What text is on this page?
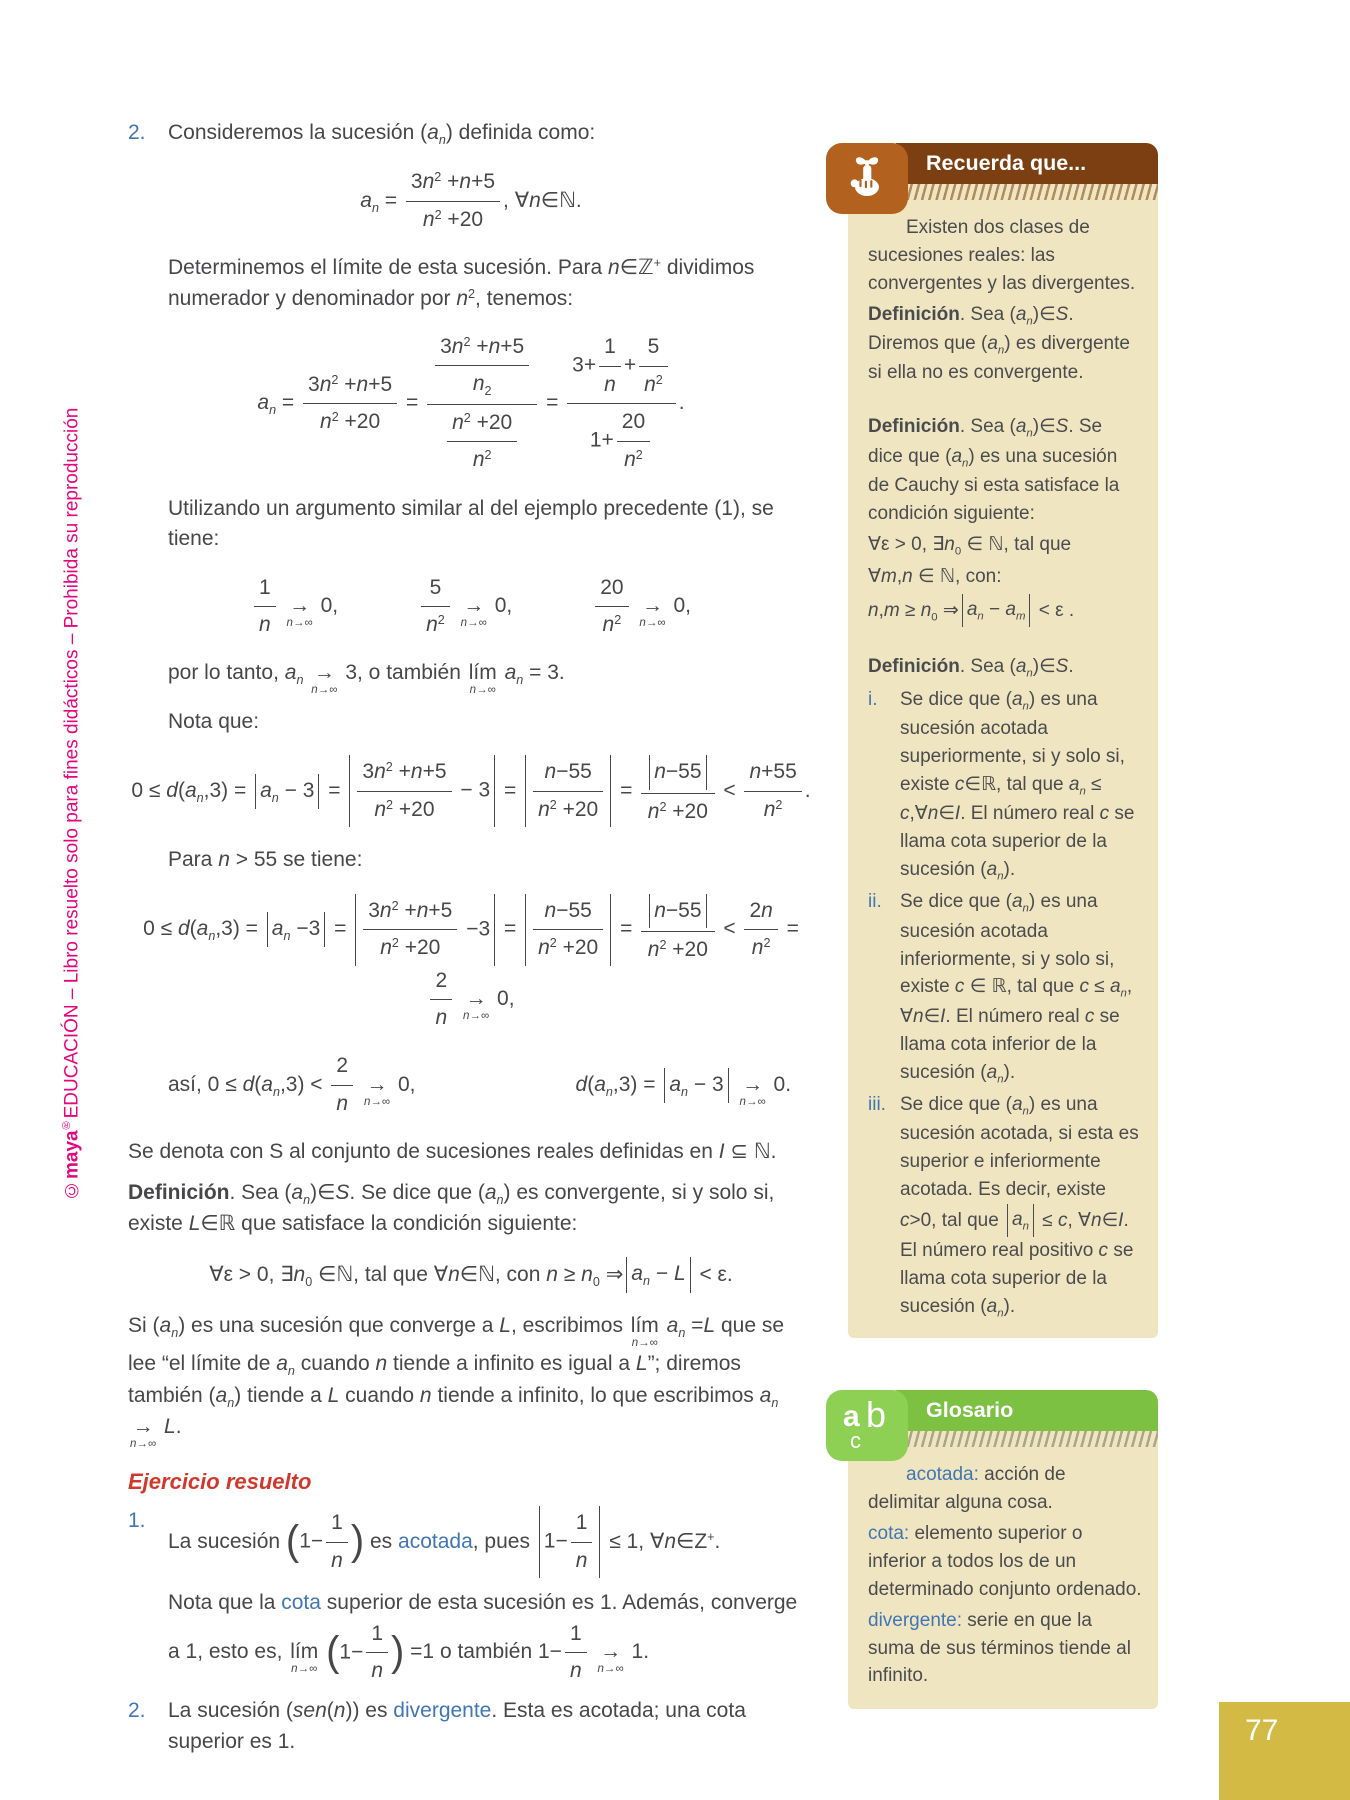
©maya®EDUCACIÓN – Libro resuelto solo para fines didácticos – Prohibida su reproducción
2.	Consideremos la sucesión $(a_n)$ definida como:
$a_n = \frac{3n^2 +n+5}{n^2 +20}$ , ∀n∈ℕ.
Determinemos el límite de esta sucesión. Para n∈ℤ+ dividimos numerador y denominador por $n^2$, tenemos:
$a_n = \frac{3n^2 +n+5}{n^2 +20} = \frac{\frac{3n^2 +n+5}{n_2}}{\frac{n^2 +20}{n^2}} = \frac{3+ \frac{1}{n} + \frac{5}{n^2}}{1+ \frac{20}{n^2}}$ .
Utilizando un argumento similar al del ejemplo precedente (1), se tiene:
$\frac{1}{n}$
→
n→∞
0,	$\frac{5}{n^2}$
→
n→∞
0,	$\frac{20}{n^2}$
→
n→∞
0,
por lo tanto, $a_n$ →
n→∞
3, o también lím
n→∞
$a_n = 3$.
Nota que:
$0 \le d(a_n,3) = a_n - 3 = \frac{3n^2 +n+5}{n^2 +20} - 3 = \frac{n-55}{n^2 +20} = \frac{n-55}{n^2 +20} < \frac{n+55}{n^2}$ .
Para n > 55 se tiene:
$0 \le d(a_n,3) = a_n -3 = \frac{3n^2 +n+5}{n^2 +20} -3 = \frac{n-55}{n^2 +20} = \frac{n-55}{n^2 +20} < \frac{2n}{n^2}$ =
$\frac{2}{n}$
→
n→∞
0,
así, $0 \le d(a_n,3) < \frac{2}{n}$
→
n→∞
0,	$d(a_n,3) = a_n - 3$ →
n→∞
0.
Se denota con S al conjunto de sucesiones reales definidas en I ⊆ ℕ.
Definición. Sea $(a_n)\in S$. Se dice que $(a_n)$ es convergente, si y solo si, existe L∈ℝ que satisface la condición siguiente:
∀ε > 0, $\exists n_0$ ∈ℕ, tal que ∀n∈ℕ, con $n \ge n_0$ ⇒ $a_n - L < \varepsilon$.
Si $(a_n)$ es una sucesión que converge a L, escribimos lím
n→∞
$a_n =L$ que se lee “el límite de $a_n$ cuando n tiende a infinito es igual a L”; diremos también $(a_n)$ tiende a L cuando n tiende a infinito, lo que escribimos $a_n$
→
n→∞
L.
Ejercicio resuelto
1.
La sucesión ( $1- \frac{1}{n}$ ) es acotada, pues $1- \frac{1}{n} \le 1$, ∀n∈Z+.
Nota que la cota superior de esta sucesión es 1. Además, converge a 1, esto es, lím
n→∞
( $1- \frac{1}{n}$ ) =1 o también $1- \frac{1}{n}$
→
n→∞
1.
2.	La sucesión (sen(n)) es divergente. Esta es acotada; una cota superior es 1.
Recuerda que...

Existen dos clases de sucesiones reales: las convergentes y las divergentes.

Definición. Sea $(a_n)\in S$. Diremos que $(a_n)$ es divergente si ella no es convergente.

Definición. Sea $(a_n)\in S$. Se dice que $(a_n)$ es una sucesión de Cauchy si esta satisface la condición siguiente:

∀ε > 0, $\exists n_0$ ∈ ℕ, tal que

∀m,n ∈ ℕ, con:

$n,m \ge n_0$ ⇒ $a_n - a_m < \varepsilon$ .

Definición. Sea $(a_n)\in S$.

i.	Se dice que $(a_n)$ es una sucesión acotada superiormente, si y solo si, existe c∈ℝ, tal que $a_n$ ≤ c,∀n∈I. El número real c se llama cota superior de la sucesión $(a_n)$.
ii. Se dice que $(a_n)$ es una sucesión acotada inferiormente, si y solo si, existe c ∈ ℝ, tal que $c \le a_n$, ∀n∈I. El número real c se llama cota inferior de la sucesión $(a_n)$.
iii. Se dice que $(a_n)$ es una sucesión acotada, si esta es superior e inferiormente acotada. Es decir, existe c>0, tal que $a_n \le c$, ∀n∈I. El número real positivo c se llama cota superior de la sucesión $(a_n)$.
a b
c
Glosario

acotada: acción de delimitar alguna cosa.

cota: elemento superior o inferior a todos los de un determinado conjunto ordenado.

divergente: serie en que la suma de sus términos tiende al infinito.

77
